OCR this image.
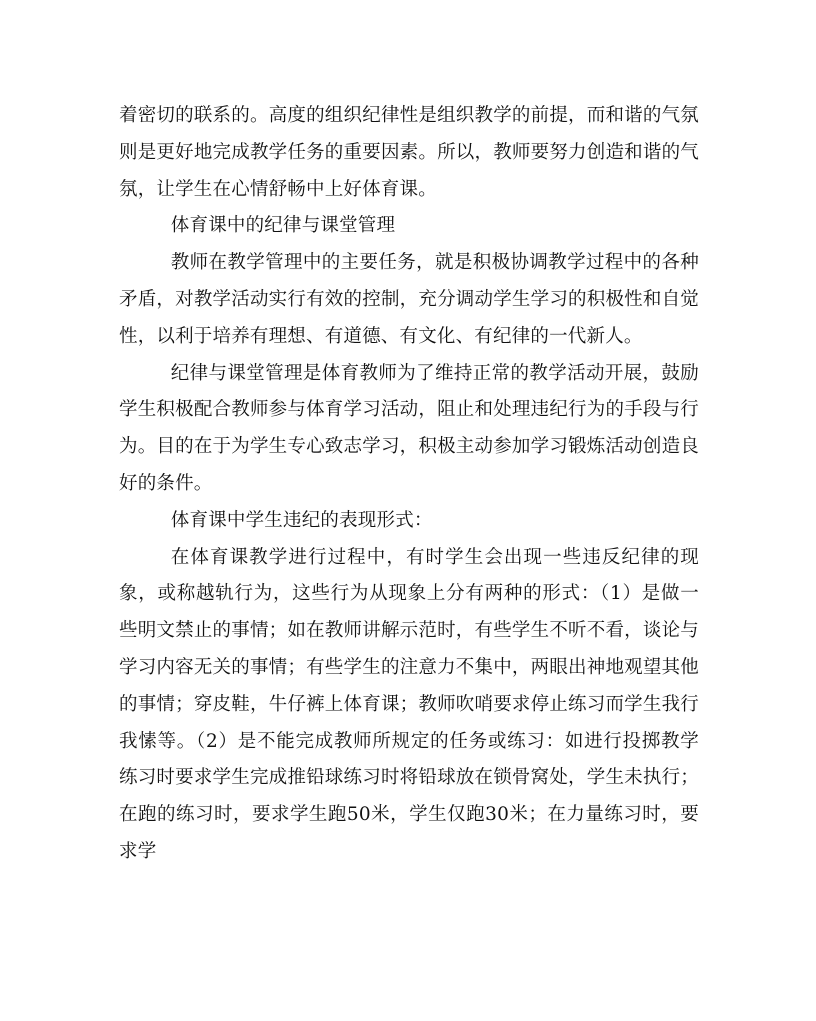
着密切的联系的。高度的组织纪律性是组织教学的前提，而和谐的气氛则是更好地完成教学任务的重要因素。所以，教师要努力创造和谐的气氛，让学生在心情舒畅中上好体育课。

体育课中的纪律与课堂管理

教师在教学管理中的主要任务，就是积极协调教学过程中的各种矛盾，对教学活动实行有效的控制，充分调动学生学习的积极性和自觉性，以利于培养有理想、有道德、有文化、有纪律的一代新人。

纪律与课堂管理是体育教师为了维持正常的教学活动开展，鼓励学生积极配合教师参与体育学习活动，阻止和处理违纪行为的手段与行为。目的在于为学生专心致志学习，积极主动参加学习锻炼活动创造良好的条件。

体育课中学生违纪的表现形式：

在体育课教学进行过程中，有时学生会出现一些违反纪律的现象，或称越轨行为，这些行为从现象上分有两种的形式：（1）是做一些明文禁止的事情；如在教师讲解示范时，有些学生不听不看，谈论与学习内容无关的事情；有些学生的注意力不集中，两眼出神地观望其他的事情；穿皮鞋，牛仔裤上体育课；教师吹哨要求停止练习而学生我行我愫等。（2）是不能完成教师所规定的任务或练习：如进行投掷教学练习时要求学生完成推铅球练习时将铅球放在锁骨窝处，学生未执行；在跑的练习时，要求学生跑50米，学生仅跑30米；在力量练习时，要求学
